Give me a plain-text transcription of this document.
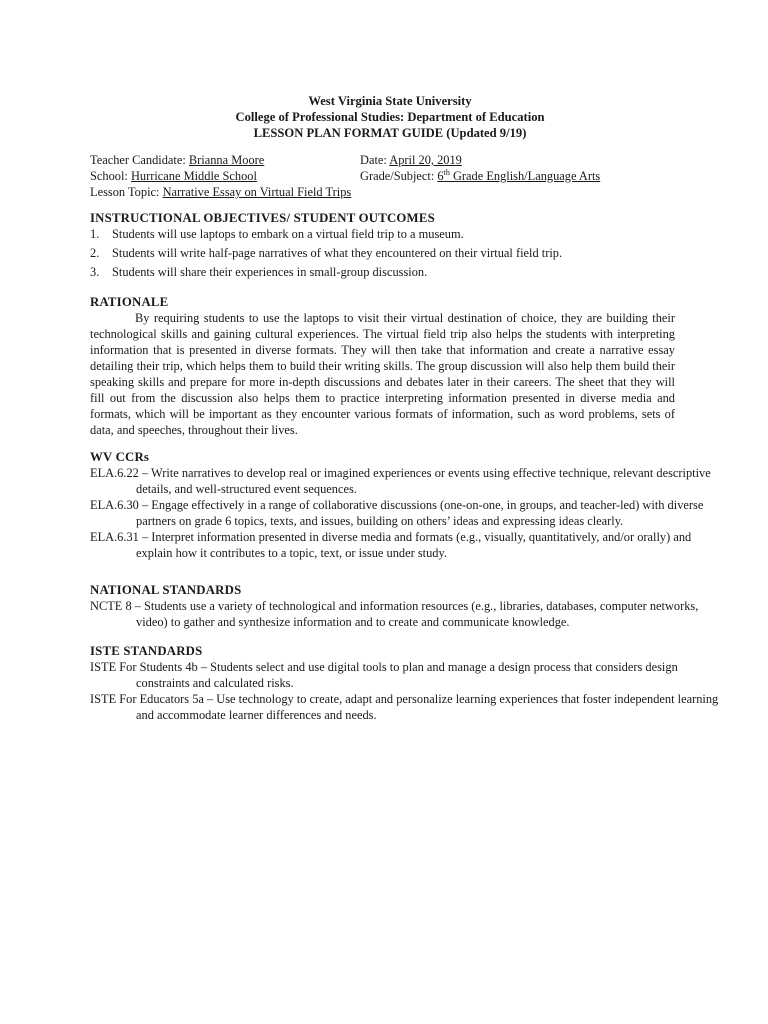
West Virginia State University
College of Professional Studies: Department of Education
LESSON PLAN FORMAT GUIDE (Updated 9/19)
Teacher Candidate: Brianna Moore	Date: April 20, 2019
School: Hurricane Middle School	Grade/Subject: 6th Grade English/Language Arts
Lesson Topic: Narrative Essay on Virtual Field Trips
INSTRUCTIONAL OBJECTIVES/ STUDENT OUTCOMES
1.	Students will use laptops to embark on a virtual field trip to a museum.
2.	Students will write half-page narratives of what they encountered on their virtual field trip.
3.	Students will share their experiences in small-group discussion.
RATIONALE

By requiring students to use the laptops to visit their virtual destination of choice, they are building their technological skills and gaining cultural experiences. The virtual field trip also helps the students with interpreting information that is presented in diverse formats. They will then take that information and create a narrative essay detailing their trip, which helps them to build their writing skills. The group discussion will also help them build their speaking skills and prepare for more in-depth discussions and debates later in their careers. The sheet that they will fill out from the discussion also helps them to practice interpreting information presented in diverse media and formats, which will be important as they encounter various formats of information, such as word problems, sets of data, and speeches, throughout their lives.

WV CCRs
ELA.6.22 – Write narratives to develop real or imagined experiences or events using effective technique, relevant descriptive details, and well-structured event sequences.
ELA.6.30 – Engage effectively in a range of collaborative discussions (one-on-one, in groups, and teacher-led) with diverse partners on grade 6 topics, texts, and issues, building on others’ ideas and expressing ideas clearly.
ELA.6.31 – Interpret information presented in diverse media and formats (e.g., visually, quantitatively, and/or orally) and explain how it contributes to a topic, text, or issue under study.
NATIONAL STANDARDS
NCTE 8 – Students use a variety of technological and information resources (e.g., libraries, databases, computer networks, video) to gather and synthesize information and to create and communicate knowledge.
ISTE STANDARDS
ISTE For Students 4b – Students select and use digital tools to plan and manage a design process that considers design constraints and calculated risks.
ISTE For Educators 5a – Use technology to create, adapt and personalize learning experiences that foster independent learning and accommodate learner differences and needs.
